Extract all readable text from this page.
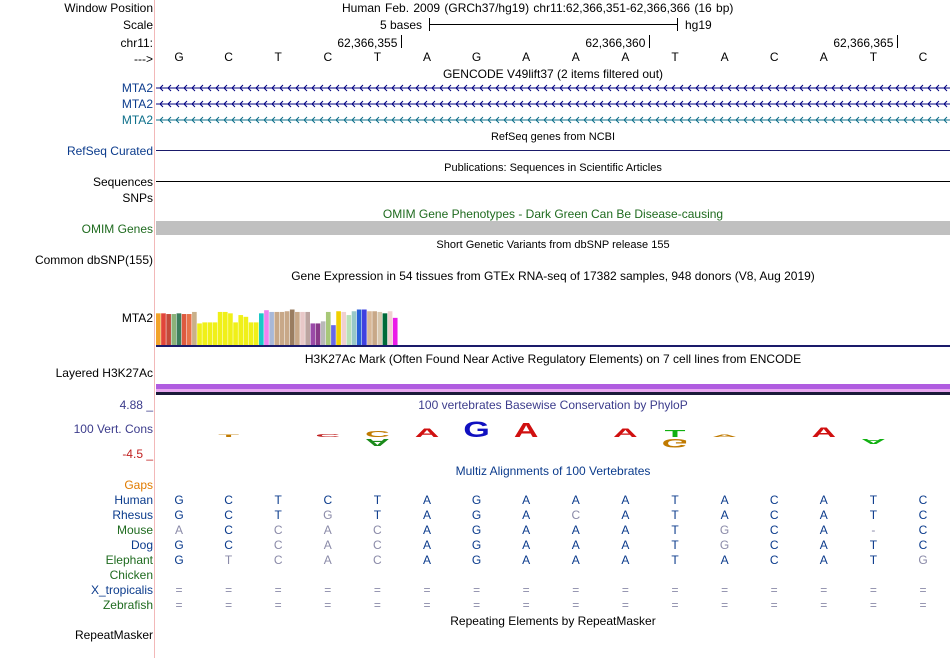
Window Position	Human Feb. 2009 (GRCh37/hg19) chr11:62,366,351-62,366,366 (16 bp)
Scale	5 bases	hg19
chr11:	62,366,355	62,366,360	62,366,365
--->	G	C	T	C	T	A	G	A	A	A	T	A	C	A	T	C
GENCODE V49lift37 (2 items filtered out)
MTA2
MTA2
MTA2
RefSeq genes from NCBI
RefSeq Curated
Publications: Sequences in Scientific Articles
Sequences
SNPs
OMIM Gene Phenotypes - Dark Green Can Be Disease-causing
OMIM Genes
Short Genetic Variants from dbSNP release 155
Common dbSNP(155)
Gene Expression in 54 tissues from GTEx RNA-seq of 17382 samples, 948 donors (V8, Aug 2019)
MTA2
H3K27Ac Mark (Often Found Near Active Regulatory Elements) on 7 cell lines from ENCODE
Layered H3K27Ac
100 vertebrates Basewise Conservation by PhyloP
4.88 _
100 Vert. Cons
-4.5 _
T C C
A
A G A A T
G
A A
A
Multiz Alignments of 100 Vertebrates
Gaps
Human	G	C	T	C	T	A	G	A	A	A	T	A	C	A	T	C
Rhesus	G	C	T	G	T	A	G	A	C	A	T	A	C	A	T	C
Mouse	A	C	C	A	C	A	G	A	A	A	T	G	C	A	-	C
Dog	G	C	C	A	C	A	G	A	A	A	T	G	C	A	T	C
Elephant	G	T	C	A	C	A	G	A	A	A	T	A	C	A	T	G
Chicken
X_tropicalis	=	=	=	=	=	=	=	=	=	=	=	=	=	=	=	=
Zebrafish	=	=	=	=	=	=	=	=	=	=	=	=	=	=	=	=
Repeating Elements by RepeatMasker
RepeatMasker
